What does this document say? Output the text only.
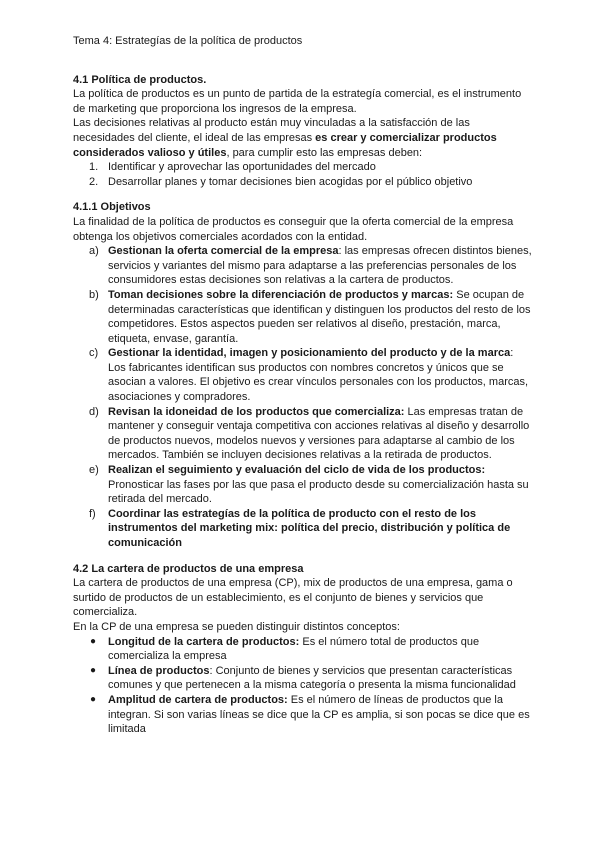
Tema 4: Estrategías de la política de productos
4.1 Política de productos.

La política de productos es un punto de partida de la estrategía comercial, es el instrumento de marketing que proporciona los ingresos de la empresa.

Las decisiones relativas al producto están muy vinculadas a la satisfacción de las necesidades del cliente, el ideal de las empresas es crear y comercializar productos considerados valioso y útiles, para cumplir esto las empresas deben:

1. Identificar y aprovechar las oportunidades del mercado
2. Desarrollar planes y tomar decisiones bien acogidas por el público objetivo
4.1.1 Objetivos

La finalidad de la política de productos es conseguir que la oferta comercial de la empresa obtenga los objetivos comerciales acordados con la entidad.

a) Gestionan la oferta comercial de la empresa: las empresas ofrecen distintos bienes, servicios y variantes del mismo para adaptarse a las preferencias personales de los consumidores estas decisiones son relativas a la cartera de productos.
b) Toman decisiones sobre la diferenciación de productos y marcas: Se ocupan de determinadas características que identifican y distinguen los productos del resto de los competidores. Estos aspectos pueden ser relativos al diseño, prestación, marca, etiqueta, envase, garantía.
c) Gestionar la identidad, imagen y posicionamiento del producto y de la marca: Los fabricantes identifican sus productos con nombres concretos y únicos que se asocian a valores. El objetivo es crear vínculos personales con los productos, marcas, asociaciones y compradores.
d) Revisan la idoneidad de los productos que comercializa: Las empresas tratan de mantener y conseguir ventaja competitiva con acciones relativas al diseño y desarrollo de productos nuevos, modelos nuevos y versiones para adaptarse al cambio de los mercados. También se incluyen decisiones relativas a la retirada de productos.
e) Realizan el seguimiento y evaluación del ciclo de vida de los productos: Pronosticar las fases por las que pasa el producto desde su comercialización hasta su retirada del mercado.
f) Coordinar las estrategías de la política de producto con el resto de los instrumentos del marketing mix: política del precio, distribución y política de comunicación
4.2 La cartera de productos de una empresa

La cartera de productos de una empresa (CP), mix de productos de una empresa, gama o surtido de productos de un establecimiento, es el conjunto de bienes y servicios que comercializa.

En la CP de una empresa se pueden distinguir distintos conceptos:

● Longitud de la cartera de productos: Es el número total de productos que comercializa la empresa
● Línea de productos: Conjunto de bienes y servicios que presentan características comunes y que pertenecen a la misma categoría o presenta la misma funcionalidad
● Amplitud de cartera de productos: Es el número de líneas de productos que la integran. Si son varias líneas se dice que la CP es amplia, si son pocas se dice que es limitada
